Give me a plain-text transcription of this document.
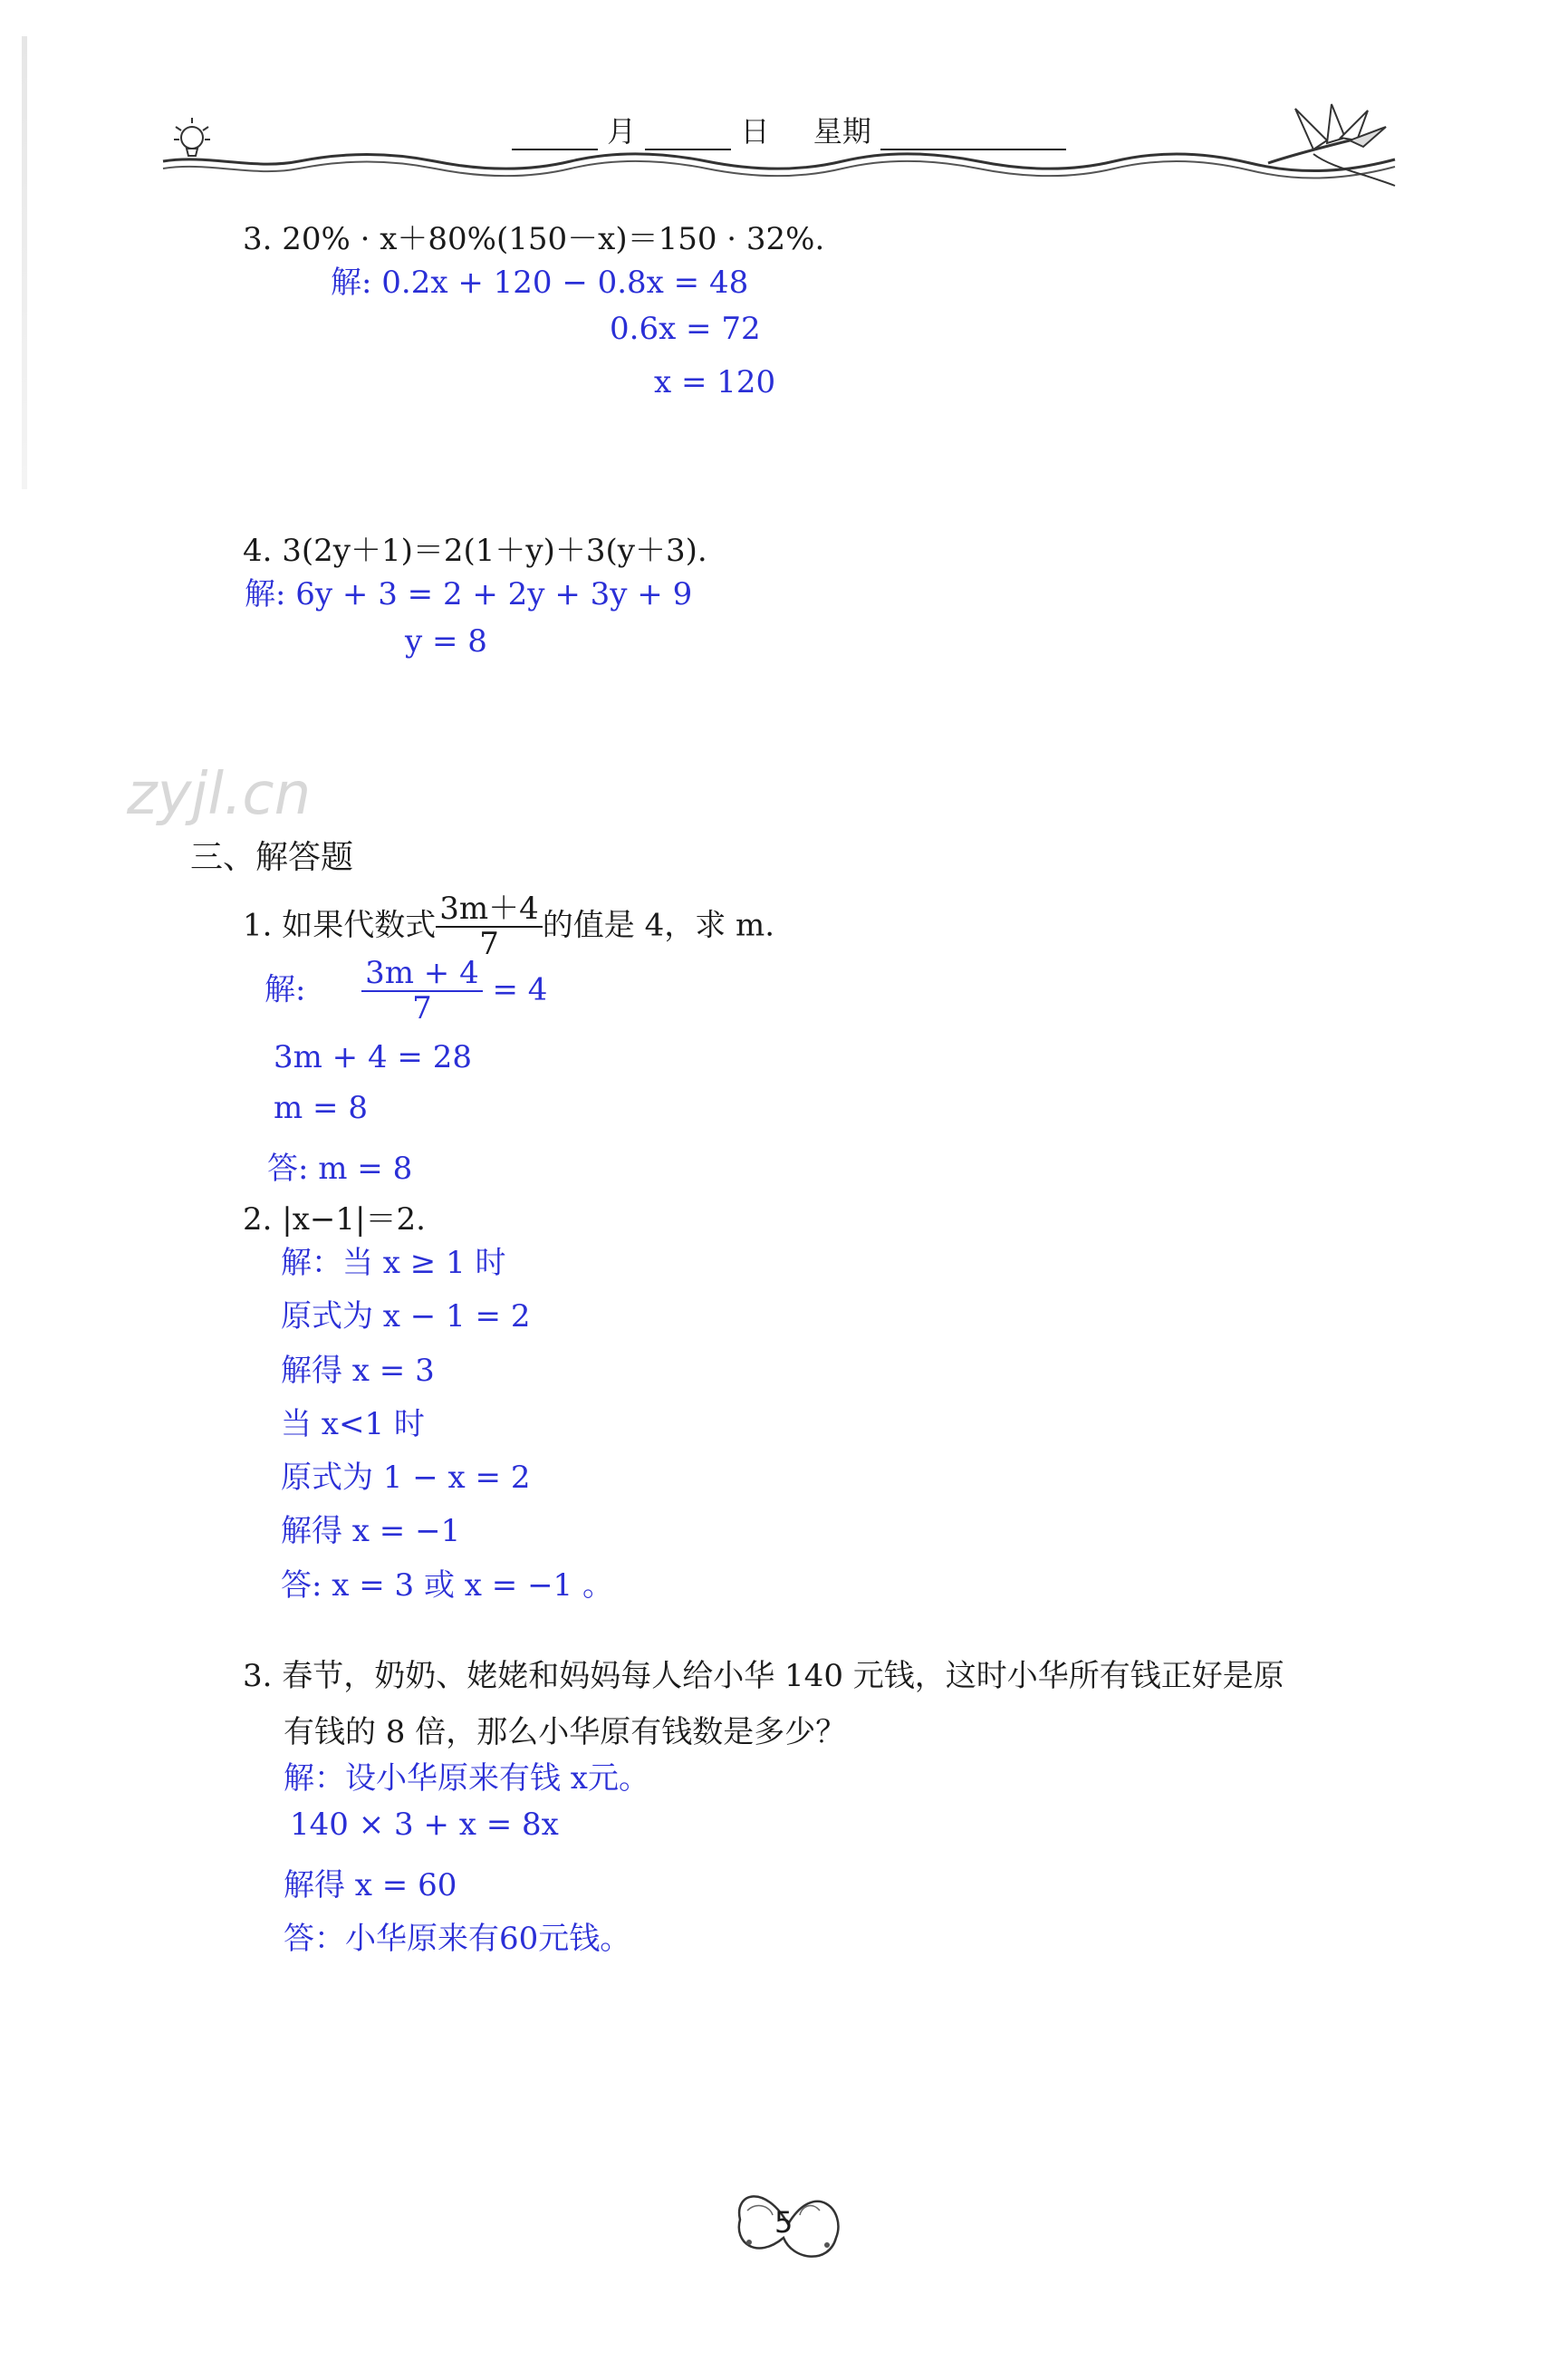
月	日 星期
3. 20% · x＋80%(150－x)＝150 · 32%.
解: 0.2x + 120 − 0.8x = 48
0.6x = 72
x = 120
4. 3(2y＋1)＝2(1＋y)＋3(y＋3).
解: 6y + 3 = 2 + 2y + 3y + 9
y = 8
zyjl.cn
三、解答题
1. 如果代数式 $\frac{3m+4}{7}$ 的值是 4，求 m.
解: $\frac{3m + 4}{7} = 4$
3m + 4 = 28
m = 8
答: m = 8
2. |x−1|＝2.
解：当 x ≥ 1 时
原式为 x − 1 = 2
解得 x = 3
当 x<1 时
原式为 1 − x = 2
解得 x = −1
答: x = 3 或 x = −1 。
3. 春节，奶奶、姥姥和妈妈每人给小华 140 元钱，这时小华所有钱正好是原
有钱的 8 倍，那么小华原有钱数是多少？
解：设小华原来有钱 x元。
140 × 3 + x = 8x
解得 x = 60
答：小华原来有60元钱。
5
